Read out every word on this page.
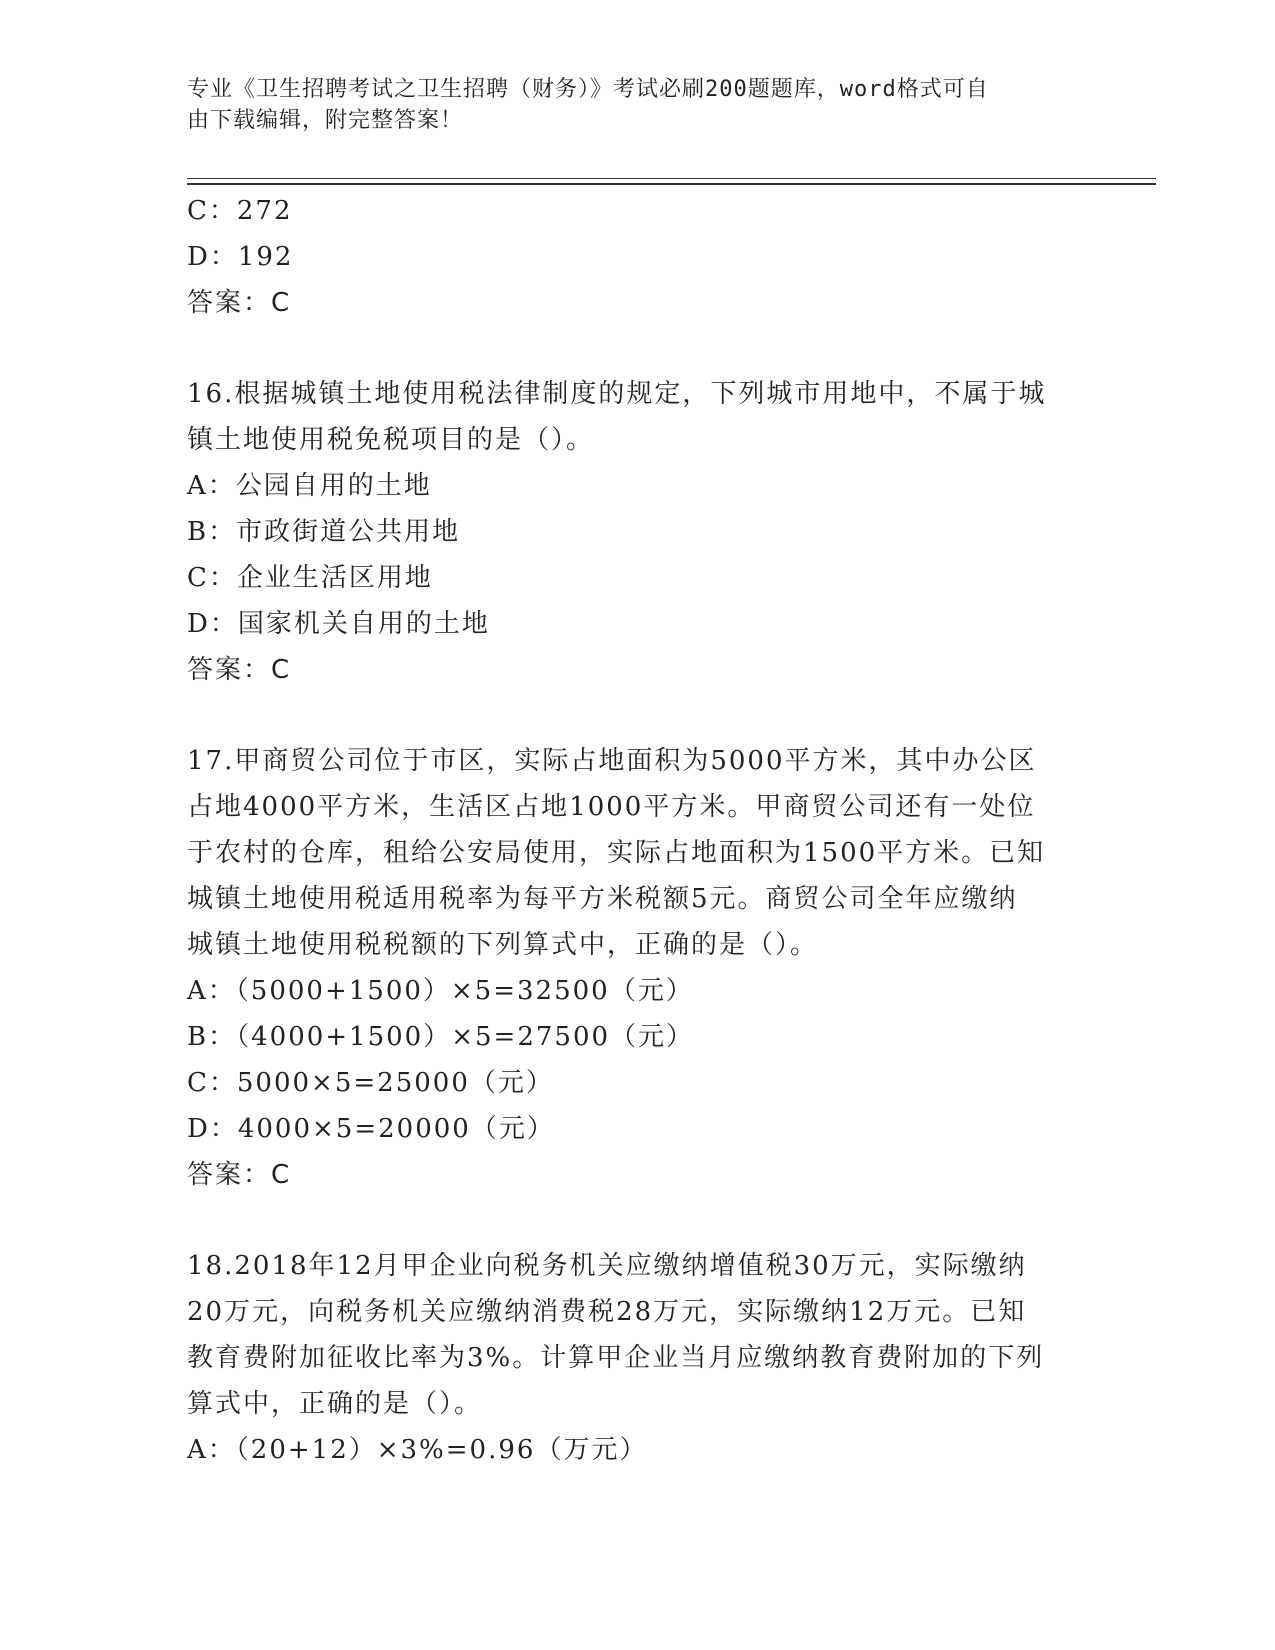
专业《卫生招聘考试之卫生招聘（财务）》考试必刷200题题库，word格式可自
由下载编辑，附完整答案！
C：272
D：192
答案：C
16.根据城镇土地使用税法律制度的规定，下列城市用地中，不属于城
镇土地使用税免税项目的是（）。
A：公园自用的土地
B：市政街道公共用地
C：企业生活区用地
D：国家机关自用的土地
答案：C
17.甲商贸公司位于市区，实际占地面积为5000平方米，其中办公区
占地4000平方米，生活区占地1000平方米。甲商贸公司还有一处位
于农村的仓库，租给公安局使用，实际占地面积为1500平方米。已知
城镇土地使用税适用税率为每平方米税额5元。商贸公司全年应缴纳
城镇土地使用税税额的下列算式中，正确的是（）。
A：（5000+1500）×5=32500（元）
B：（4000+1500）×5=27500（元）
C：5000×5=25000（元）
D：4000×5=20000（元）
答案：C
18.2018年12月甲企业向税务机关应缴纳增值税30万元，实际缴纳
20万元，向税务机关应缴纳消费税28万元，实际缴纳12万元。已知
教育费附加征收比率为3%。计算甲企业当月应缴纳教育费附加的下列
算式中，正确的是（）。
A：（20+12）×3%=0.96（万元）
